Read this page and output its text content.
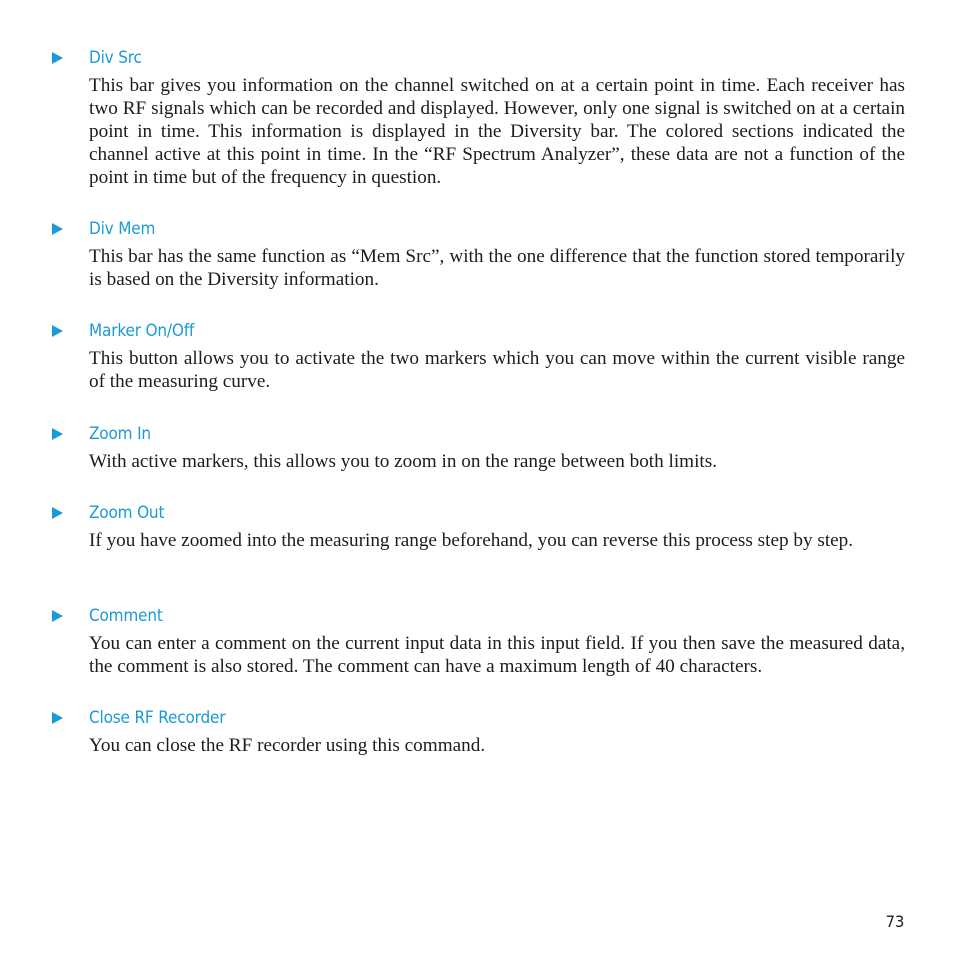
Div Src
This bar gives you information on the channel switched on at a certain point in time. Each receiver has two RF signals which can be recorded and displayed. However, only one signal is switched on at a certain point in time. This information is displayed in the Diversity bar. The colored sections indicated the channel active at this point in time. In the “RF Spectrum Analyzer”, these data are not a function of the point in time but of the frequency in question.
Div Mem
This bar has the same function as “Mem Src”, with the one difference that the function stored temporarily is based on the Diversity information.
Marker On/Off
This button allows you to activate the two markers which you can move within the current visible range of the measuring curve.
Zoom In
With active markers, this allows you to zoom in on the range between both limits.
Zoom Out
If you have zoomed into the measuring range beforehand, you can reverse this process step by step.
Comment
You can enter a comment on the current input data in this input field. If you then save the measured data, the comment is also stored. The comment can have a maximum length of 40 characters.
Close RF Recorder
You can close the RF recorder using this command.
73
